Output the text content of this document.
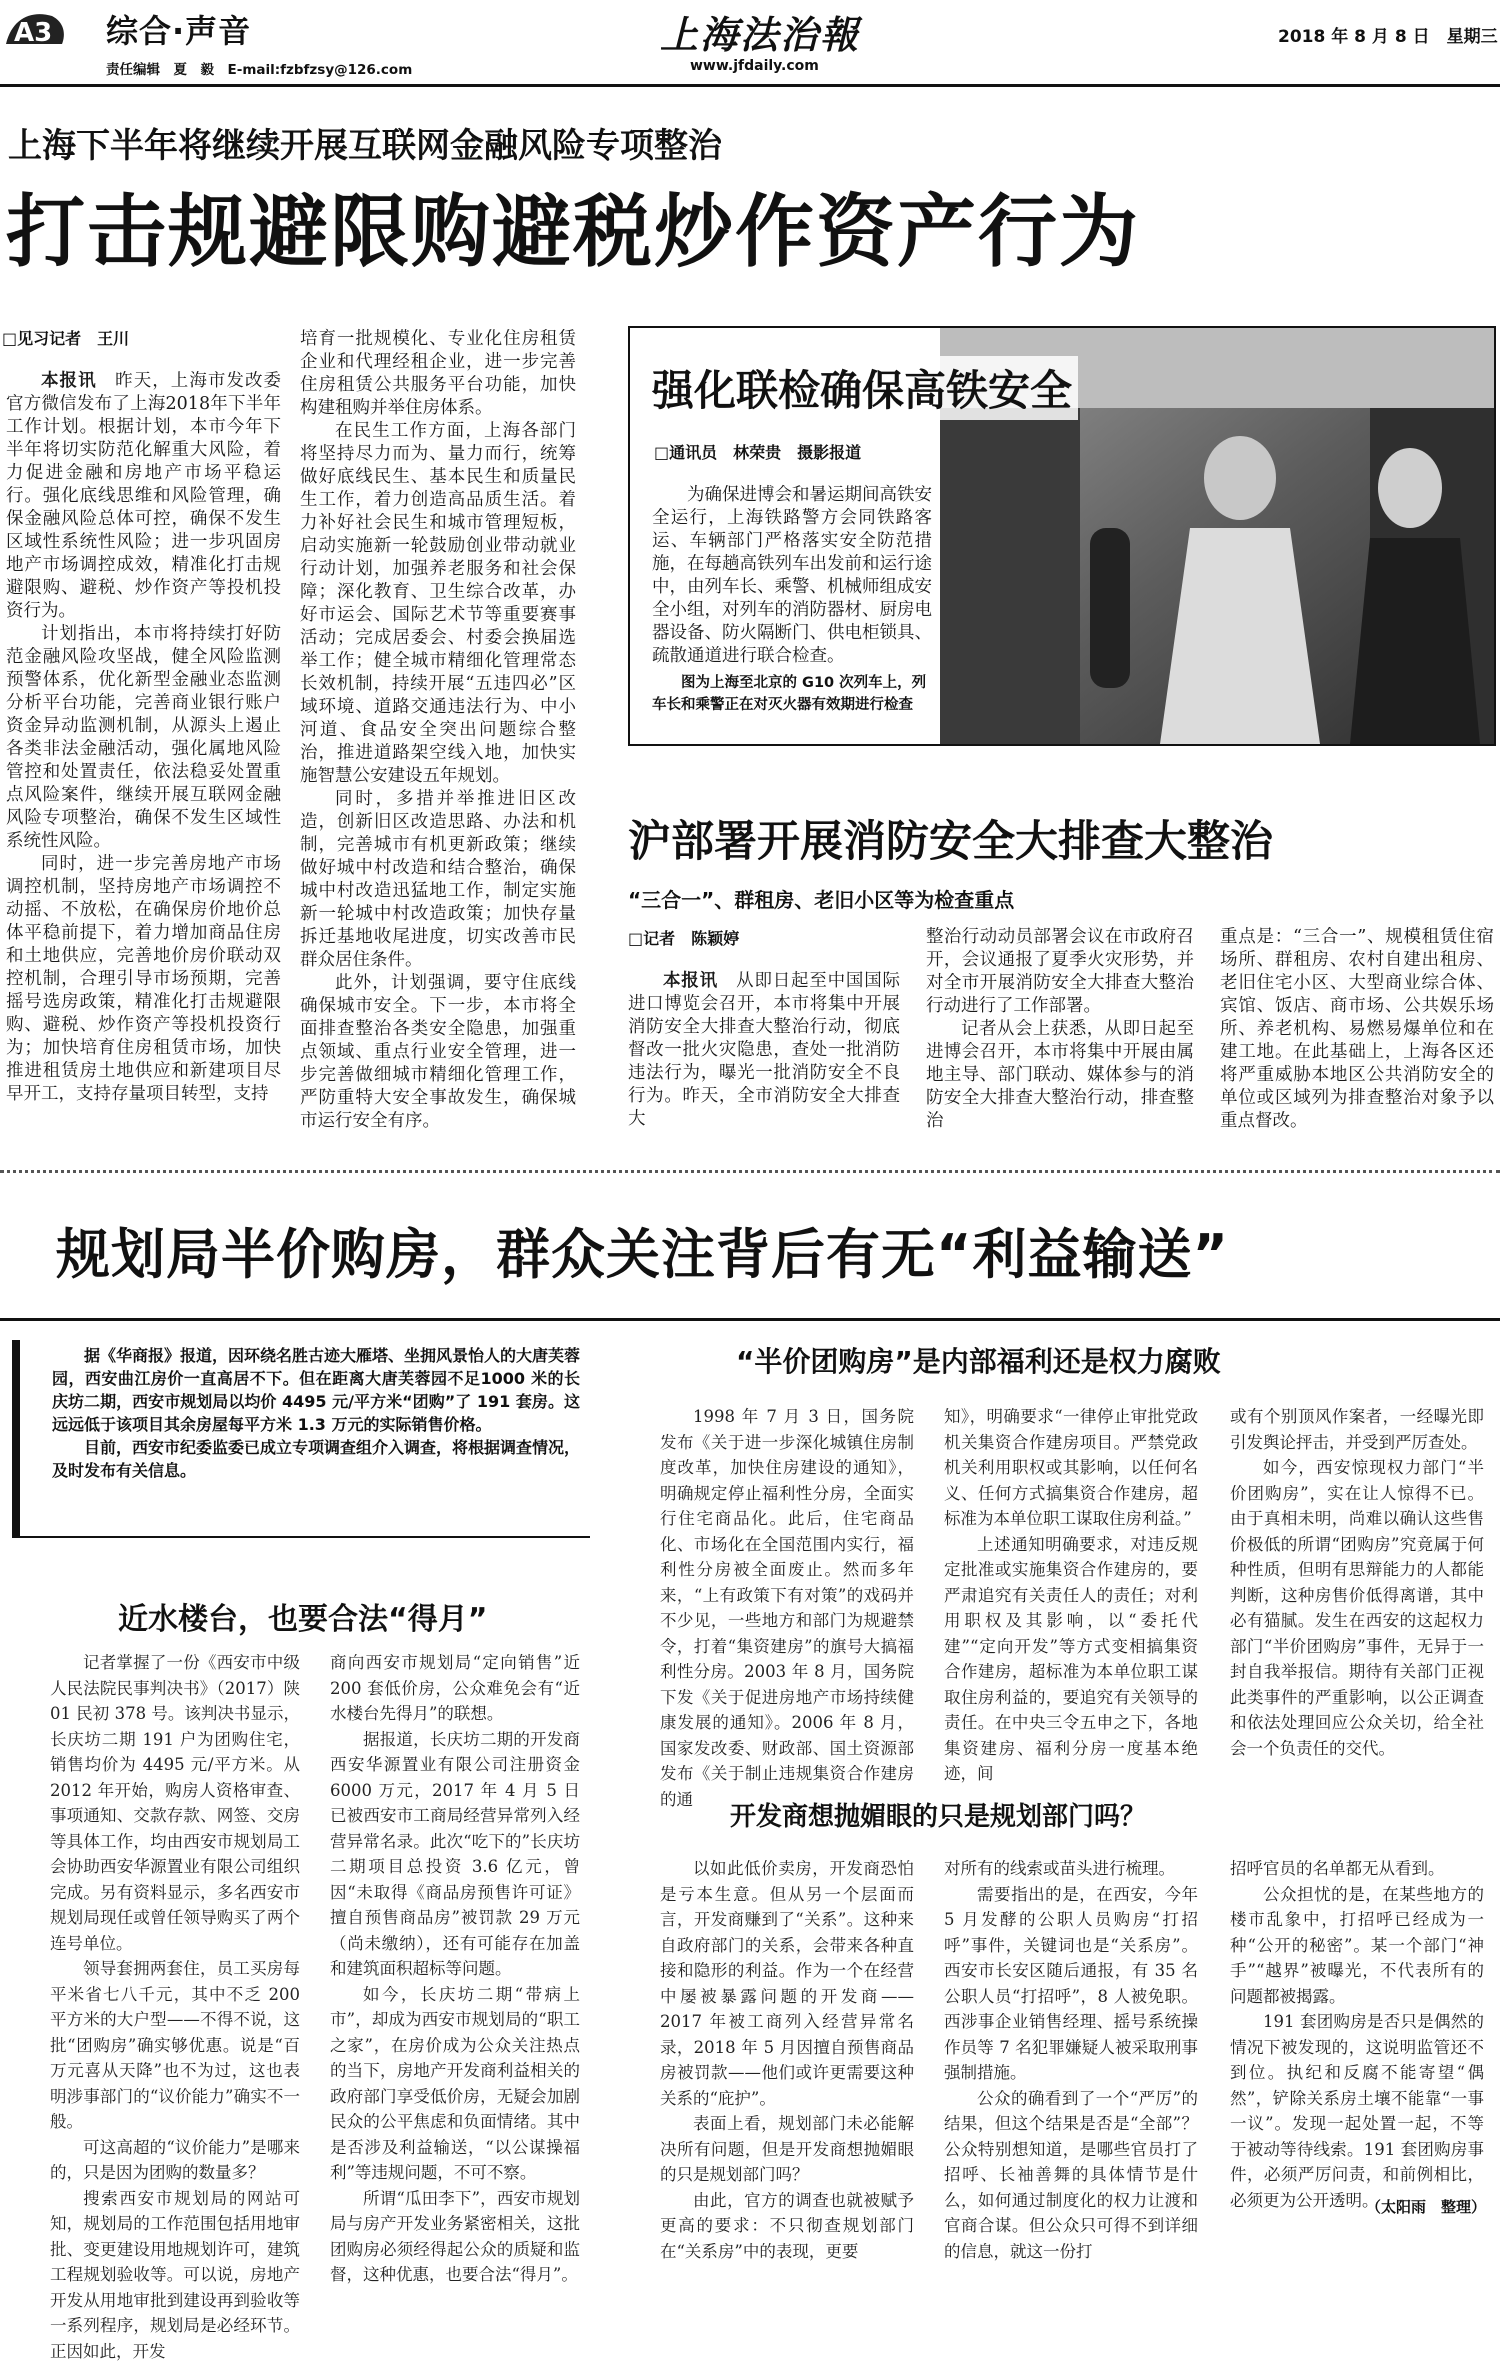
A3 综合·声音
责任编辑　夏　毅　E-mail:fzbfzsy@126.com
上海法治報
www.jfdaily.com
2018 年 8 月 8 日　星期三
上海下半年将继续开展互联网金融风险专项整治
打击规避限购避税炒作资产行为
□见习记者　王川

本报讯　昨天，上海市发改委官方微信发布了上海2018年下半年工作计划。根据计划，本市今年下半年将切实防范化解重大风险，着力促进金融和房地产市场平稳运行。强化底线思维和风险管理，确保金融风险总体可控，确保不发生区域性系统性风险；进一步巩固房地产市场调控成效，精准化打击规避限购、避税、炒作资产等投机投资行为。

计划指出，本市将持续打好防范金融风险攻坚战，健全风险监测预警体系，优化新型金融业态监测分析平台功能，完善商业银行账户资金异动监测机制，从源头上遏止各类非法金融活动，强化属地风险管控和处置责任，依法稳妥处置重点风险案件，继续开展互联网金融风险专项整治，确保不发生区域性系统性风险。

同时，进一步完善房地产市场调控机制，坚持房地产市场调控不动摇、不放松，在确保房价地价总体平稳前提下，着力增加商品住房和土地供应，完善地价房价联动双控机制，合理引导市场预期，完善摇号选房政策，精准化打击规避限购、避税、炒作资产等投机投资行为；加快培育住房租赁市场，加快推进租赁房土地供应和新建项目尽早开工，支持存量项目转型，支持

培育一批规模化、专业化住房租赁企业和代理经租企业，进一步完善住房租赁公共服务平台功能，加快构建租购并举住房体系。

在民生工作方面，上海各部门将坚持尽力而为、量力而行，统筹做好底线民生、基本民生和质量民生工作，着力创造高品质生活。着力补好社会民生和城市管理短板，启动实施新一轮鼓励创业带动就业行动计划，加强养老服务和社会保障；深化教育、卫生综合改革，办好市运会、国际艺术节等重要赛事活动；完成居委会、村委会换届选举工作；健全城市精细化管理常态长效机制，持续开展“五违四必”区域环境、道路交通违法行为、中小河道、食品安全突出问题综合整治，推进道路架空线入地，加快实施智慧公安建设五年规划。

同时，多措并举推进旧区改造，创新旧区改造思路、办法和机制，完善城市有机更新政策；继续做好城中村改造和结合整治，确保城中村改造迅猛地工作，制定实施新一轮城中村改造政策；加快存量拆迁基地收尾进度，切实改善市民群众居住条件。

此外，计划强调，要守住底线确保城市安全。下一步，本市将全面排查整治各类安全隐患，加强重点领域、重点行业安全管理，进一步完善做细城市精细化管理工作，严防重特大安全事故发生，确保城市运行安全有序。

强化联检确保高铁安全
□通讯员　林荣贵　摄影报道

为确保进博会和暑运期间高铁安全运行，上海铁路警方会同铁路客运、车辆部门严格落实安全防范措施，在每趟高铁列车出发前和运行途中，由列车长、乘警、机械师组成安全小组，对列车的消防器材、厨房电器设备、防火隔断门、供电柜锁具、疏散通道进行联合检查。

图为上海至北京的 G10 次列车上，列车长和乘警正在对灭火器有效期进行检查
沪部署开展消防安全大排查大整治
“三合一”、群租房、老旧小区等为检查重点
□记者　陈颖婷

本报讯　从即日起至中国国际进口博览会召开，本市将集中开展消防安全大排查大整治行动，彻底督改一批火灾隐患，查处一批消防违法行为，曝光一批消防安全不良行为。昨天，全市消防安全大排查大

整治行动动员部署会议在市政府召开，会议通报了夏季火灾形势，并对全市开展消防安全大排查大整治行动进行了工作部署。

记者从会上获悉，从即日起至进博会召开，本市将集中开展由属地主导、部门联动、媒体参与的消防安全大排查大整治行动，排查整治

重点是：“三合一”、规模租赁住宿场所、群租房、农村自建出租房、老旧住宅小区、大型商业综合体、宾馆、饭店、商市场、公共娱乐场所、养老机构、易燃易爆单位和在建工地。在此基础上，上海各区还将严重威胁本地区公共消防安全的单位或区域列为排查整治对象予以重点督改。

规划局半价购房，群众关注背后有无“利益输送”

据《华商报》报道，因环绕名胜古迹大雁塔、坐拥风景怡人的大唐芙蓉园，西安曲江房价一直高居不下。但在距离大唐芙蓉园不足1000 米的长庆坊二期，西安市规划局以均价 4495 元/平方米“团购”了 191 套房。这远远低于该项目其余房屋每平方米 1.3 万元的实际销售价格。

目前，西安市纪委监委已成立专项调查组介入调查，将根据调查情况，及时发布有关信息。

近水楼台，也要合法“得月”

记者掌握了一份《西安市中级人民法院民事判决书》（2017）陕 01 民初 378 号。该判决书显示，长庆坊二期 191 户为团购住宅，销售均价为 4495 元/平方米。从 2012 年开始，购房人资格审查、事项通知、交款存款、网签、交房等具体工作，均由西安市规划局工会协助西安华源置业有限公司组织完成。另有资料显示，多名西安市规划局现任或曾任领导购买了两个连号单位。

领导套拥两套住，员工买房每平米省七八千元，其中不乏 200 平方米的大户型——不得不说，这批“团购房”确实够优惠。说是“百万元喜从天降”也不为过，这也表明涉事部门的“议价能力”确实不一般。

可这高超的“议价能力”是哪来的，只是因为团购的数量多？

搜索西安市规划局的网站可知，规划局的工作范围包括用地审批、变更建设用地规划许可，建筑工程规划验收等。可以说，房地产开发从用地审批到建设再到验收等一系列程序，规划局是必经环节。正因如此，开发

商向西安市规划局“定向销售”近 200 套低价房，公众难免会有“近水楼台先得月”的联想。

据报道，长庆坊二期的开发商西安华源置业有限公司注册资金 6000 万元，2017 年 4 月 5 日已被西安市工商局经营异常列入经营异常名录。此次“吃下的”长庆坊二期项目总投资 3.6 亿元，曾因“未取得《商品房预售许可证》擅自预售商品房”被罚款 29 万元（尚未缴纳），还有可能存在加盖和建筑面积超标等问题。

如今，长庆坊二期“带病上市”，却成为西安市规划局的“职工之家”，在房价成为公众关注热点的当下，房地产开发商利益相关的政府部门享受低价房，无疑会加剧民众的公平焦虑和负面情绪。其中是否涉及利益输送，“以公谋操福利”等违规问题，不可不察。

所谓“瓜田李下”，西安市规划局与房产开发业务紧密相关，这批团购房必须经得起公众的质疑和监督，这种优惠，也要合法“得月”。

“半价团购房”是内部福利还是权力腐败

1998 年 7 月 3 日，国务院发布《关于进一步深化城镇住房制度改革，加快住房建设的通知》，明确规定停止福利性分房，全面实行住宅商品化。此后，住宅商品化、市场化在全国范围内实行，福利性分房被全面废止。然而多年来，“上有政策下有对策”的戏码并不少见，一些地方和部门为规避禁令，打着“集资建房”的旗号大搞福利性分房。2003 年 8 月，国务院下发《关于促进房地产市场持续健康发展的通知》。2006 年 8 月，国家发改委、财政部、国土资源部发布《关于制止违规集资合作建房的通

知》，明确要求“一律停止审批党政机关集资合作建房项目。严禁党政机关利用职权或其影响，以任何名义、任何方式搞集资合作建房，超标准为本单位职工谋取住房利益。”

上述通知明确要求，对违反规定批准或实施集资合作建房的，要严肃追究有关责任人的责任；对利用职权及其影响，以“委托代建”“定向开发”等方式变相搞集资合作建房，超标准为本单位职工谋取住房利益的，要追究有关领导的责任。在中央三令五申之下，各地集资建房、福利分房一度基本绝迹，间

或有个别顶风作案者，一经曝光即引发舆论抨击，并受到严厉查处。

如今，西安惊现权力部门“半价团购房”，实在让人惊得不已。由于真相未明，尚难以确认这些售价极低的所谓“团购房”究竟属于何种性质，但明有思辩能力的人都能判断，这种房售价低得离谱，其中必有猫腻。发生在西安的这起权力部门“半价团购房”事件，无异于一封自我举报信。期待有关部门正视此类事件的严重影响，以公正调查和依法处理回应公众关切，给全社会一个负责任的交代。

开发商想抛媚眼的只是规划部门吗？

以如此低价卖房，开发商恐怕是亏本生意。但从另一个层面而言，开发商赚到了“关系”。这种来自政府部门的关系，会带来各种直接和隐形的利益。作为一个在经营中屡被暴露问题的开发商——2017 年被工商列入经营异常名录，2018 年 5 月因擅自预售商品房被罚款——他们或许更需要这种关系的“庇护”。

表面上看，规划部门未必能解决所有问题，但是开发商想抛媚眼的只是规划部门吗？

由此，官方的调查也就被赋予更高的要求：不只彻查规划部门在“关系房”中的表现，更要

对所有的线索或苗头进行梳理。

需要指出的是，在西安，今年 5 月发酵的公职人员购房“打招呼”事件，关键词也是“关系房”。西安市长安区随后通报，有 35 名公职人员“打招呼”，8 人被免职。西涉事企业销售经理、摇号系统操作员等 7 名犯罪嫌疑人被采取刑事强制措施。

公众的确看到了一个“严厉”的结果，但这个结果是否是“全部”？公众特别想知道，是哪些官员打了招呼、长袖善舞的具体情节是什么，如何通过制度化的权力让渡和官商合谋。但公众只可得不到详细的信息，就这一份打

招呼官员的名单都无从看到。

公众担忧的是，在某些地方的楼市乱象中，打招呼已经成为一种“公开的秘密”。某一个部门“神手”“越界”被曝光，不代表所有的问题都被揭露。

191 套团购房是否只是偶然的情况下被发现的，这说明监管还不到位。执纪和反腐不能寄望“偶然”，铲除关系房土壤不能靠“一事一议”。发现一起处置一起，不等于被动等待线索。191 套团购房事件，必须严厉问责，和前例相比，必须更为公开透明。

（太阳雨　整理）
